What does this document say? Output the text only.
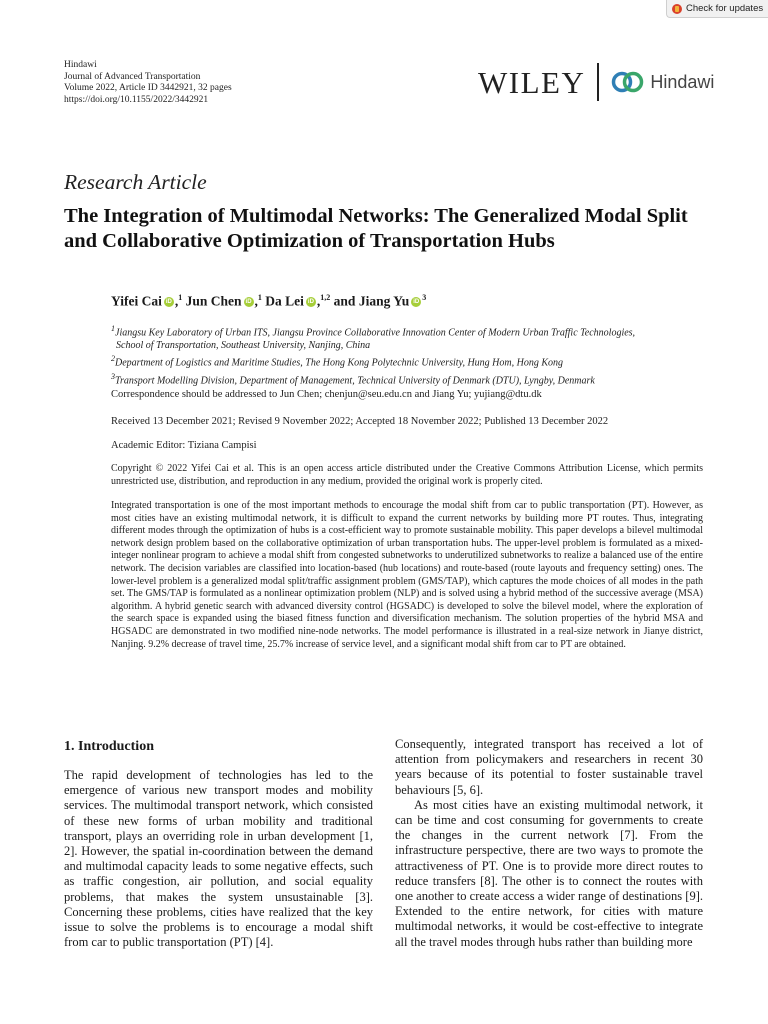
Check for updates
Hindawi
Journal of Advanced Transportation
Volume 2022, Article ID 3442921, 32 pages
https://doi.org/10.1155/2022/3442921	WILEY	Hindawi
Research Article
The Integration of Multimodal Networks: The Generalized Modal Split and Collaborative Optimization of Transportation Hubs
Yifei Cai iD ,$^1$ Jun Chen iD ,$^1$ Da Lei iD ,$^{1,2}$ and Jiang Yu iD $^3$
$^1$Jiangsu Key Laboratory of Urban ITS, Jiangsu Province Collaborative Innovation Center of Modern Urban Traffic Technologies,
School of Transportation, Southeast University, Nanjing, China
$^2$Department of Logistics and Maritime Studies, The Hong Kong Polytechnic University, Hung Hom, Hong Kong
$^3$Transport Modelling Division, Department of Management, Technical University of Denmark (DTU), Lyngby, Denmark
Correspondence should be addressed to Jun Chen; chenjun@seu.edu.cn and Jiang Yu; yujiang@dtu.dk
Received 13 December 2021; Revised 9 November 2022; Accepted 18 November 2022; Published 13 December 2022
Academic Editor: Tiziana Campisi
Copyright © 2022 Yifei Cai et al. This is an open access article distributed under the Creative Commons Attribution License, which permits unrestricted use, distribution, and reproduction in any medium, provided the original work is properly cited.
Integrated transportation is one of the most important methods to encourage the modal shift from car to public transportation (PT). However, as most cities have an existing multimodal network, it is difficult to expand the current networks by building more PT routes. Thus, integrating different modes through the optimization of hubs is a cost-efficient way to promote sustainable mobility. This paper develops a bilevel multimodal network design problem based on the collaborative optimization of urban transportation hubs. The upper-level problem is formulated as a mixed-integer nonlinear program to achieve a modal shift from congested subnetworks to underutilized subnetworks to realize a balanced use of the entire network. The decision variables are classified into location-based (hub locations) and route-based (route layouts and frequency setting) ones. The lower-level problem is a generalized modal split/traffic assignment problem (GMS/TAP), which captures the mode choices of all modes in the path set. The GMS/TAP is formulated as a nonlinear optimization problem (NLP) and is solved using a hybrid method of the successive average (MSA) algorithm. A hybrid genetic search with advanced diversity control (HGSADC) is developed to solve the bilevel model, where the exploration of the search space is expanded using the biased fitness function and diversification mechanism. The solution properties of the hybrid MSA and HGSADC are demonstrated in two modified nine-node networks. The model performance is illustrated in a real-size network in Jianye district, Nanjing. 9.2% decrease of travel time, 25.7% increase of service level, and a significant modal shift from car to PT are obtained.
1. Introduction

The rapid development of technologies has led to the emergence of various new transport modes and mobility services. The multimodal transport network, which consisted of these new forms of urban mobility and traditional transport, plays an overriding role in urban development [1, 2]. However, the spatial in-coordination between the demand and multimodal capacity leads to some negative effects, such as traffic congestion, air pollution, and social equality problems, that makes the system unsustainable [3]. Concerning these problems, cities have realized that the key issue to solve the problems is to encourage a modal shift from car to public transportation (PT) [4].

Consequently, integrated transport has received a lot of attention from policymakers and researchers in recent 30 years because of its potential to foster sustainable travel behaviours [5, 6].

As most cities have an existing multimodal network, it can be time and cost consuming for governments to create the changes in the current network [7]. From the infrastructure perspective, there are two ways to promote the attractiveness of PT. One is to provide more direct routes to reduce transfers [8]. The other is to connect the routes with one another to create access a wider range of destinations [9]. Extended to the entire network, for cities with mature multimodal networks, it would be cost-effective to integrate all the travel modes through hubs rather than building more
